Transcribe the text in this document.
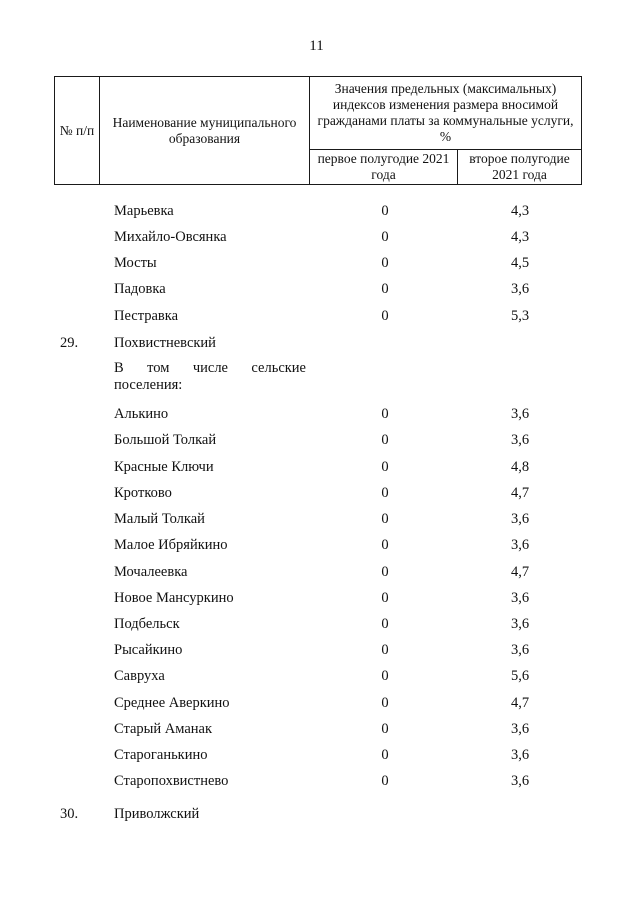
11
№ п/п	Наименование муниципального образования	Значения предельных (максимальных) индексов изменения размера вносимой гражданами платы за коммунальные услуги, %	
		первое полугодие 2021 года	второе полугодие 2021 года
Марьевка	0	4,3
Михайло-Овсянка	0	4,3
Мосты	0	4,5
Падовка	0	3,6
Пестравка	0	5,3
29. Похвистневский
В том числе сельские поселения:
Алькино	0	3,6
Большой Толкай	0	3,6
Красные Ключи	0	4,8
Кротково	0	4,7
Малый Толкай	0	3,6
Малое Ибряйкино	0	3,6
Мочалеевка	0	4,7
Новое Мансуркино	0	3,6
Подбельск	0	3,6
Рысайкино	0	3,6
Савруха	0	5,6
Среднее Аверкино	0	4,7
Старый Аманак	0	3,6
Староганькино	0	3,6
Старопохвистнево	0	3,6
30. Приволжский
